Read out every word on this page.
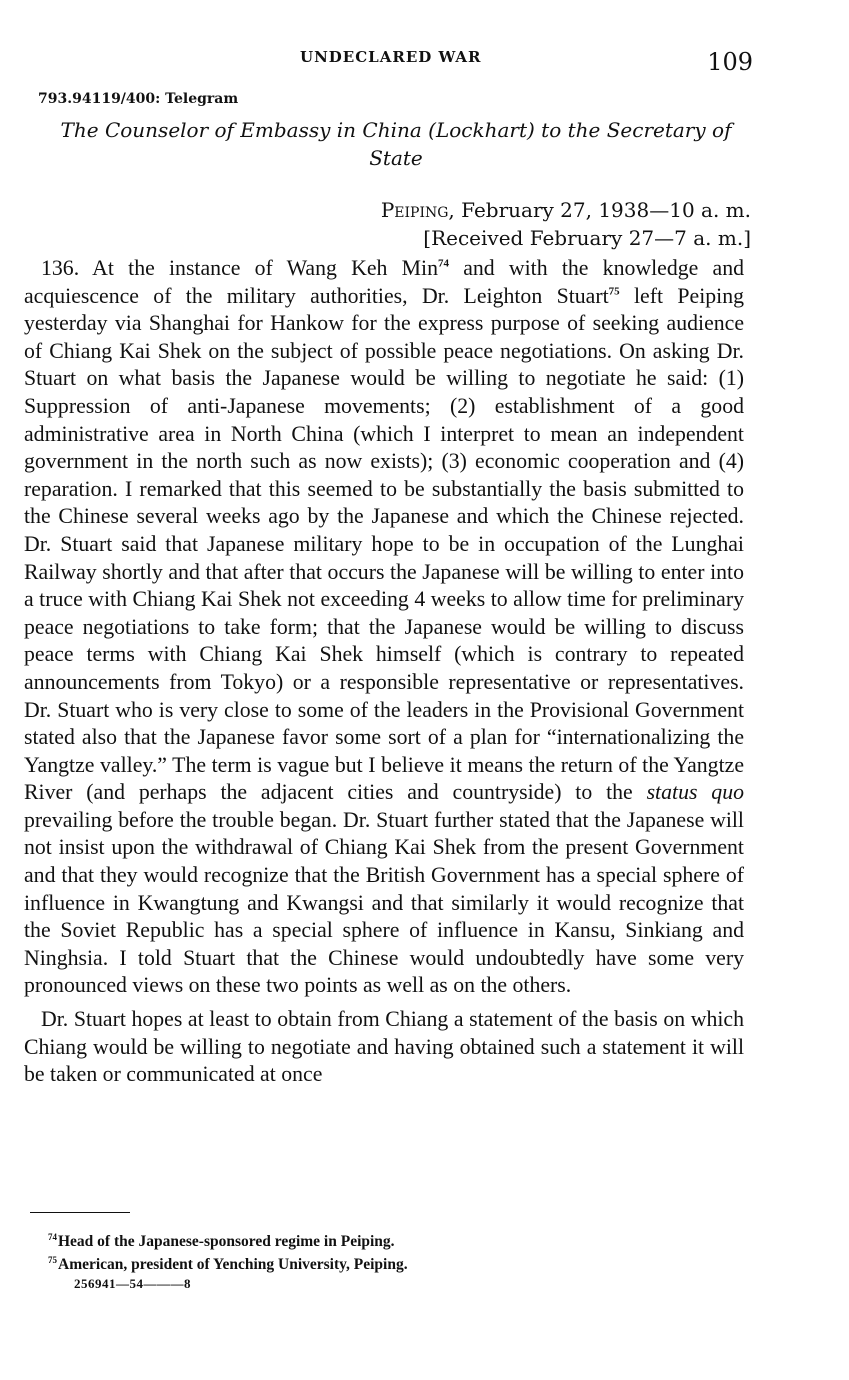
UNDECLARED WAR	109
793.94119/400: Telegram
The Counselor of Embassy in China (Lockhart) to the Secretary of State
Peiping, February 27, 1938—10 a. m.
[Received February 27—7 a. m.]

136. At the instance of Wang Keh Min$^{74}$ and with the knowledge and acquiescence of the military authorities, Dr. Leighton Stuart$^{75}$ left Peiping yesterday via Shanghai for Hankow for the express purpose of seeking audience of Chiang Kai Shek on the subject of possible peace negotiations. On asking Dr. Stuart on what basis the Japanese would be willing to negotiate he said: (1) Suppression of anti-Japanese movements; (2) establishment of a good administrative area in North China (which I interpret to mean an independent government in the north such as now exists); (3) economic cooperation and (4) reparation. I remarked that this seemed to be substantially the basis submitted to the Chinese several weeks ago by the Japanese and which the Chinese rejected. Dr. Stuart said that Japanese military hope to be in occupation of the Lunghai Railway shortly and that after that occurs the Japanese will be willing to enter into a truce with Chiang Kai Shek not exceeding 4 weeks to allow time for preliminary peace negotiations to take form; that the Japanese would be willing to discuss peace terms with Chiang Kai Shek himself (which is contrary to repeated announcements from Tokyo) or a responsible representative or representatives. Dr. Stuart who is very close to some of the leaders in the Provisional Government stated also that the Japanese favor some sort of a plan for “internationalizing the Yangtze valley.” The term is vague but I believe it means the return of the Yangtze River (and perhaps the adjacent cities and countryside) to the status quo prevailing before the trouble began. Dr. Stuart further stated that the Japanese will not insist upon the withdrawal of Chiang Kai Shek from the present Government and that they would recognize that the British Government has a special sphere of influence in Kwangtung and Kwangsi and that similarly it would recognize that the Soviet Republic has a special sphere of influence in Kansu, Sinkiang and Ninghsia. I told Stuart that the Chinese would undoubtedly have some very pronounced views on these two points as well as on the others.

Dr. Stuart hopes at least to obtain from Chiang a statement of the basis on which Chiang would be willing to negotiate and having obtained such a statement it will be taken or communicated at once

$^{74}$Head of the Japanese-sponsored regime in Peiping.
$^{75}$American, president of Yenching University, Peiping.
256941—54———8
